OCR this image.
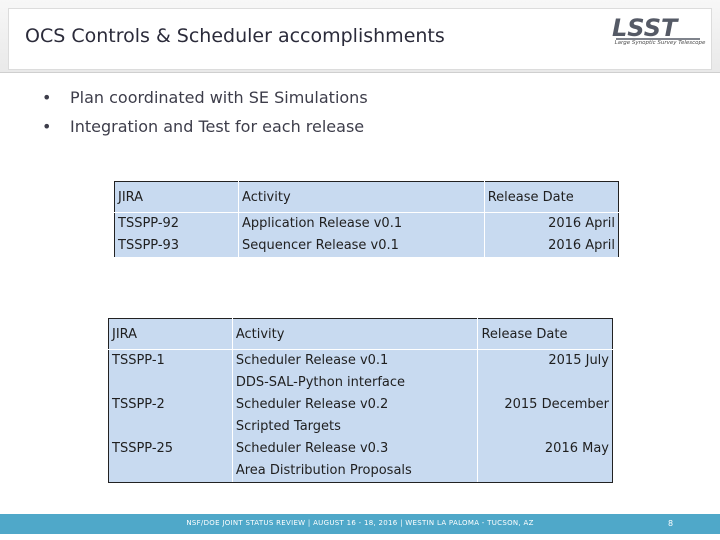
OCS Controls & Scheduler accomplishments	LSST
Large Synoptic Survey Telescope
• Plan coordinated with SE Simulations
• Integration and Test for each release
JIRA	Activity	Release Date
TSSPP-92	Application Release v0.1	2016 April
TSSPP-93	Sequencer Release v0.1	2016 April
JIRA	Activity	Release Date
TSSPP-1	Scheduler Release v0.1	2015 July
	DDS-SAL-Python interface	
TSSPP-2	Scheduler Release v0.2	2015 December
	Scripted Targets	
TSSPP-25	Scheduler Release v0.3	2016 May
	Area Distribution Proposals	
NSF/DOE JOINT STATUS REVIEW | AUGUST 16 - 18, 2016 | WESTIN LA PALOMA - TUCSON, AZ	8
